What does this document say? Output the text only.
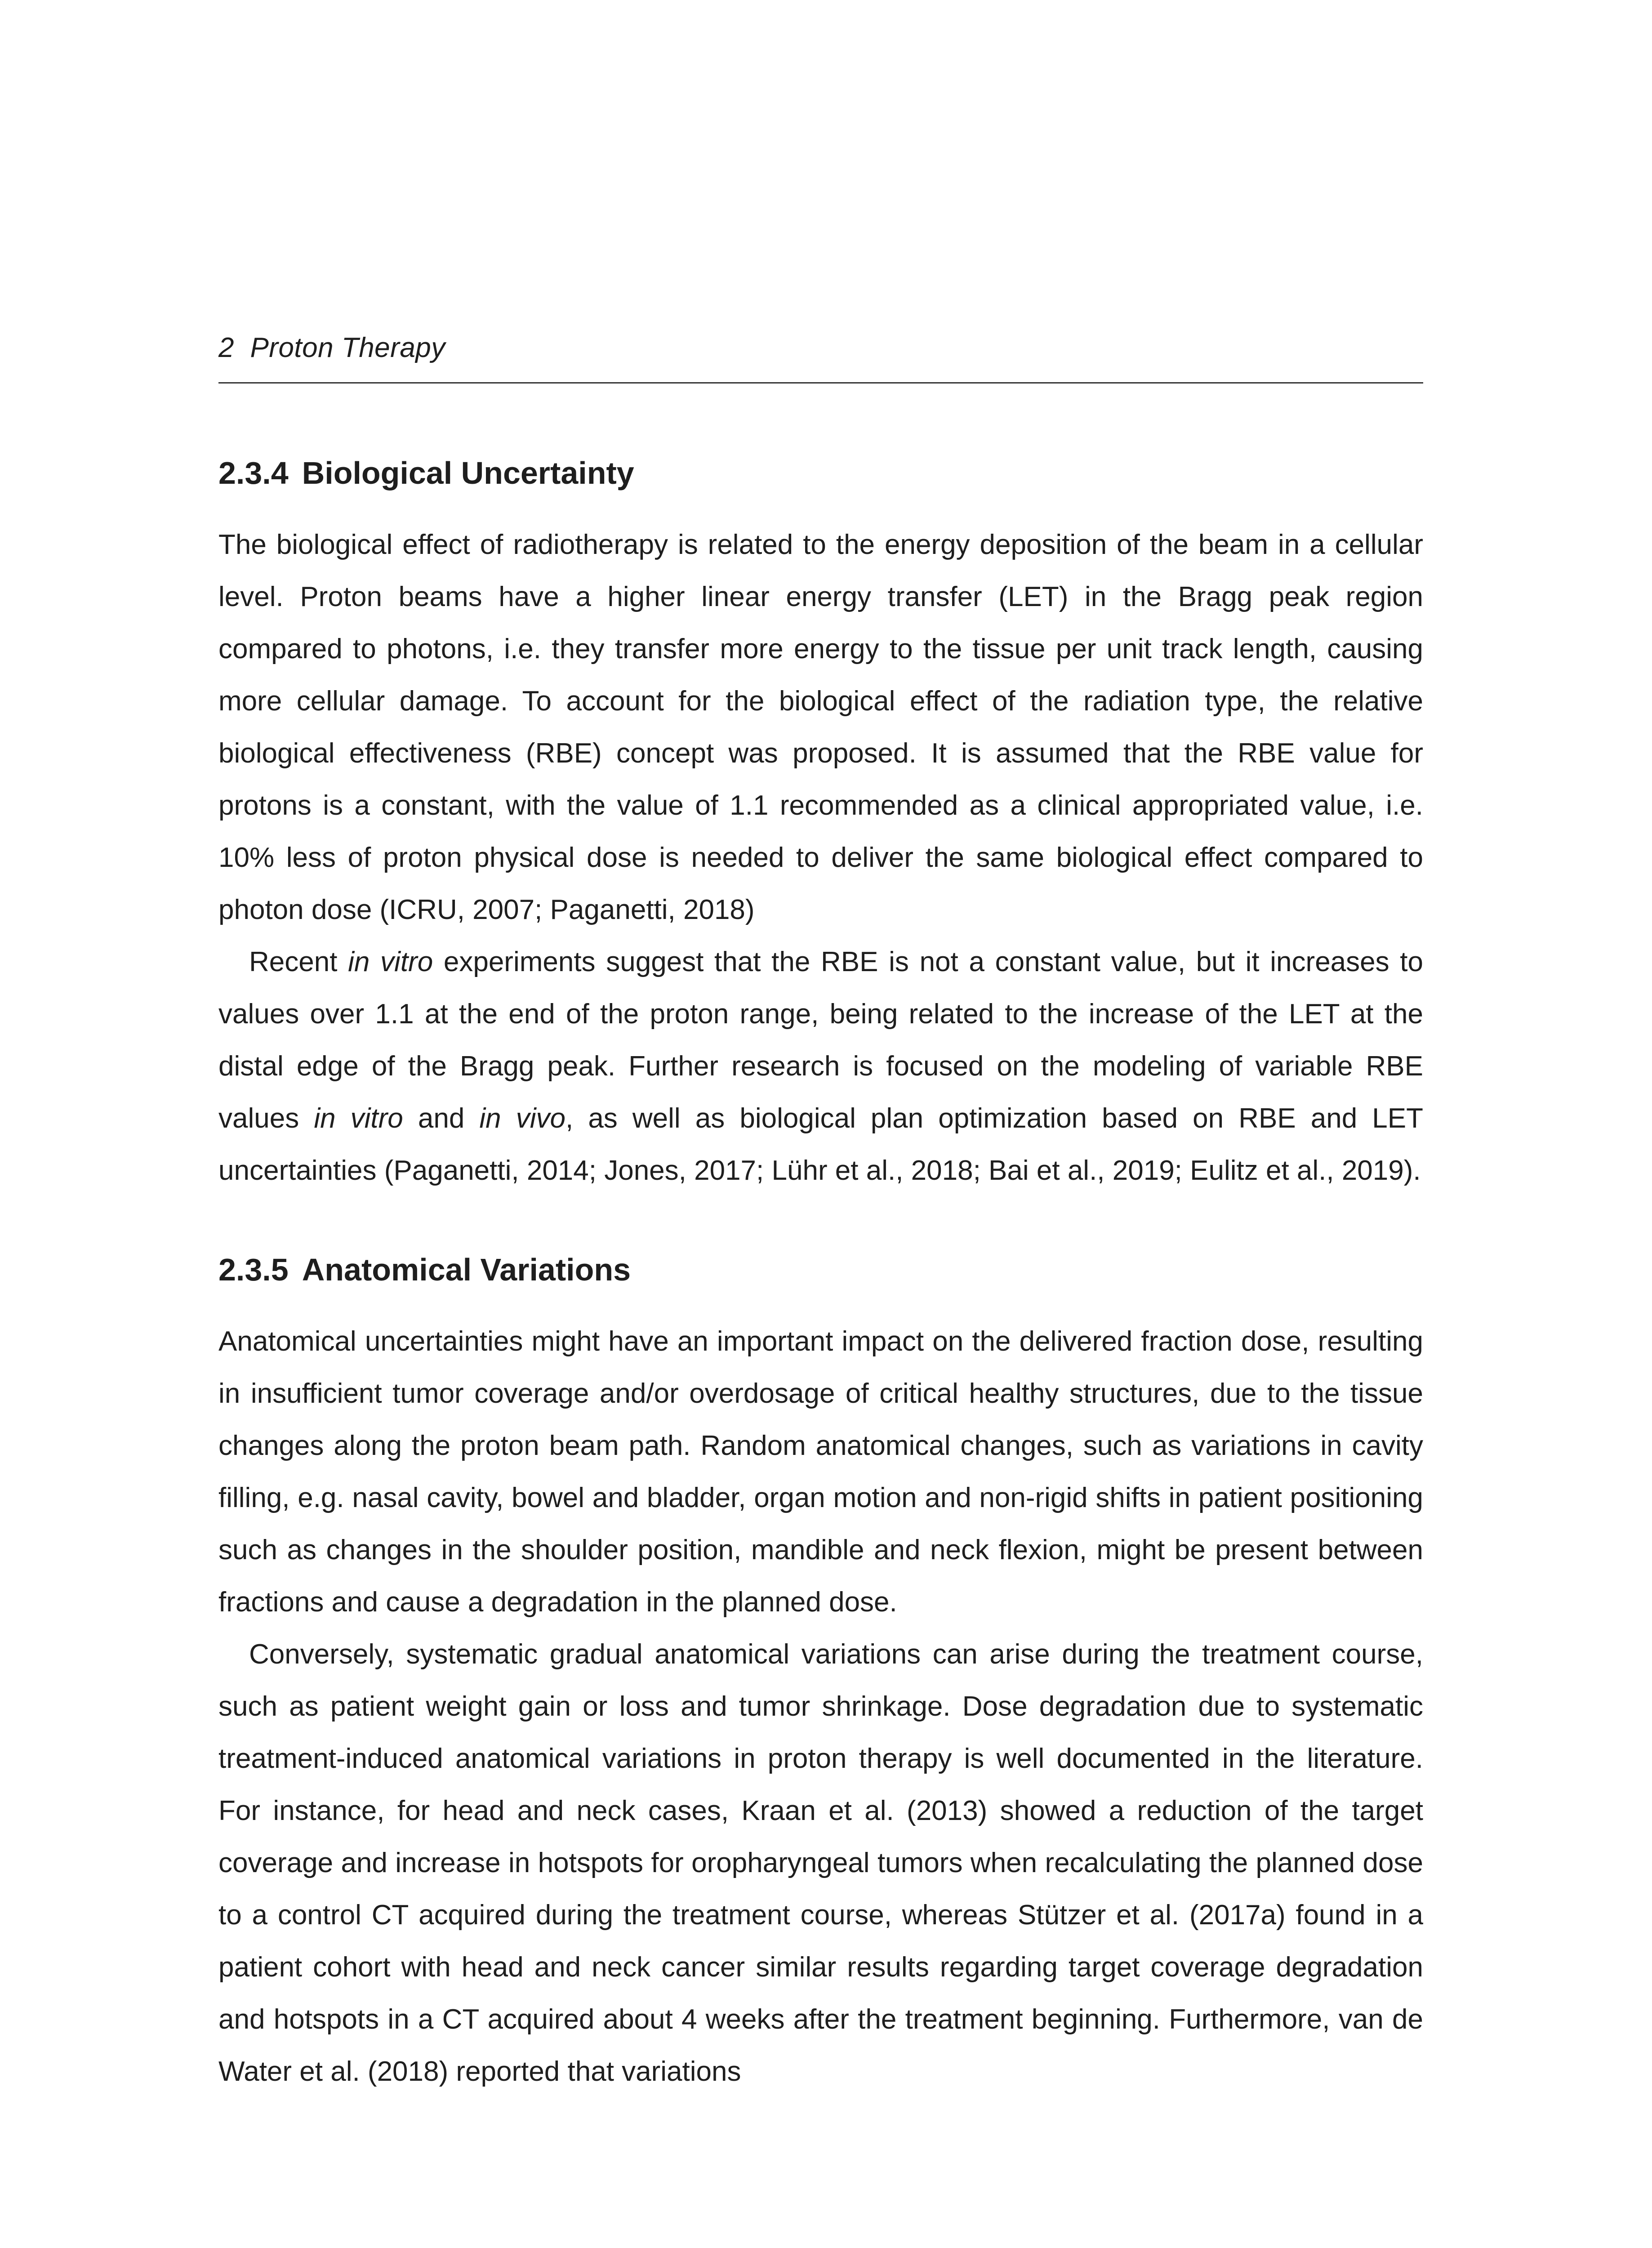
2 Proton Therapy
2.3.4 Biological Uncertainty

The biological effect of radiotherapy is related to the energy deposition of the beam in a cellular level. Proton beams have a higher linear energy transfer (LET) in the Bragg peak region compared to photons, i.e. they transfer more energy to the tissue per unit track length, causing more cellular damage. To account for the biological effect of the radiation type, the relative biological effectiveness (RBE) concept was proposed. It is assumed that the RBE value for protons is a constant, with the value of 1.1 recommended as a clinical appropriated value, i.e. 10% less of proton physical dose is needed to deliver the same biological effect compared to photon dose (ICRU, 2007; Paganetti, 2018)

Recent in vitro experiments suggest that the RBE is not a constant value, but it increases to values over 1.1 at the end of the proton range, being related to the increase of the LET at the distal edge of the Bragg peak. Further research is focused on the modeling of variable RBE values in vitro and in vivo, as well as biological plan optimization based on RBE and LET uncertainties (Paganetti, 2014; Jones, 2017; Lühr et al., 2018; Bai et al., 2019; Eulitz et al., 2019).

2.3.5 Anatomical Variations

Anatomical uncertainties might have an important impact on the delivered fraction dose, resulting in insufficient tumor coverage and/or overdosage of critical healthy structures, due to the tissue changes along the proton beam path. Random anatomical changes, such as variations in cavity filling, e.g. nasal cavity, bowel and bladder, organ motion and non-rigid shifts in patient positioning such as changes in the shoulder position, mandible and neck flexion, might be present between fractions and cause a degradation in the planned dose.

Conversely, systematic gradual anatomical variations can arise during the treatment course, such as patient weight gain or loss and tumor shrinkage. Dose degradation due to systematic treatment-induced anatomical variations in proton therapy is well documented in the literature. For instance, for head and neck cases, Kraan et al. (2013) showed a reduction of the target coverage and increase in hotspots for oropharyngeal tumors when recalculating the planned dose to a control CT acquired during the treatment course, whereas Stützer et al. (2017a) found in a patient cohort with head and neck cancer similar results regarding target coverage degradation and hotspots in a CT acquired about 4 weeks after the treatment beginning. Furthermore, van de Water et al. (2018) reported that variations
